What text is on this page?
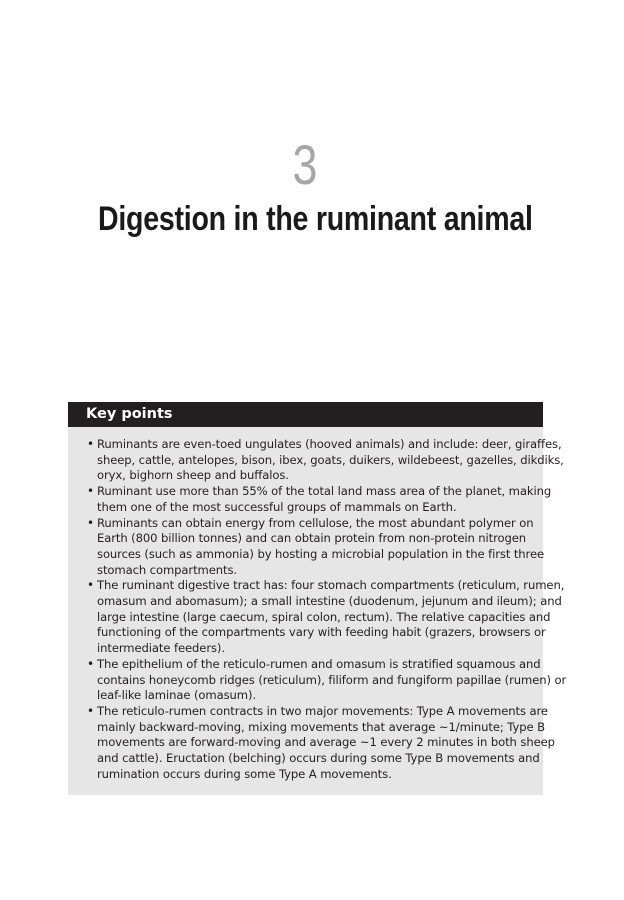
3
Digestion in the ruminant animal
Key points
• Ruminants are even-toed ungulates (hooved animals) and include: deer, giraffes,
sheep, cattle, antelopes, bison, ibex, goats, duikers, wildebeest, gazelles, dikdiks,
oryx, bighorn sheep and buffalos.
• Ruminant use more than 55% of the total land mass area of the planet, making
them one of the most successful groups of mammals on Earth.
• Ruminants can obtain energy from cellulose, the most abundant polymer on
Earth (800 billion tonnes) and can obtain protein from non-protein nitrogen
sources (such as ammonia) by hosting a microbial population in the first three
stomach compartments.
• The ruminant digestive tract has: four stomach compartments (reticulum, rumen,
omasum and abomasum); a small intestine (duodenum, jejunum and ileum); and
large intestine (large caecum, spiral colon, rectum). The relative capacities and
functioning of the compartments vary with feeding habit (grazers, browsers or
intermediate feeders).
• The epithelium of the reticulo-rumen and omasum is stratified squamous and
contains honeycomb ridges (reticulum), filiform and fungiform papillae (rumen) or
leaf-like laminae (omasum).
• The reticulo-rumen contracts in two major movements: Type A movements are
mainly backward-moving, mixing movements that average ~1/minute; Type B
movements are forward-moving and average ~1 every 2 minutes in both sheep
and cattle). Eructation (belching) occurs during some Type B movements and
rumination occurs during some Type A movements.
